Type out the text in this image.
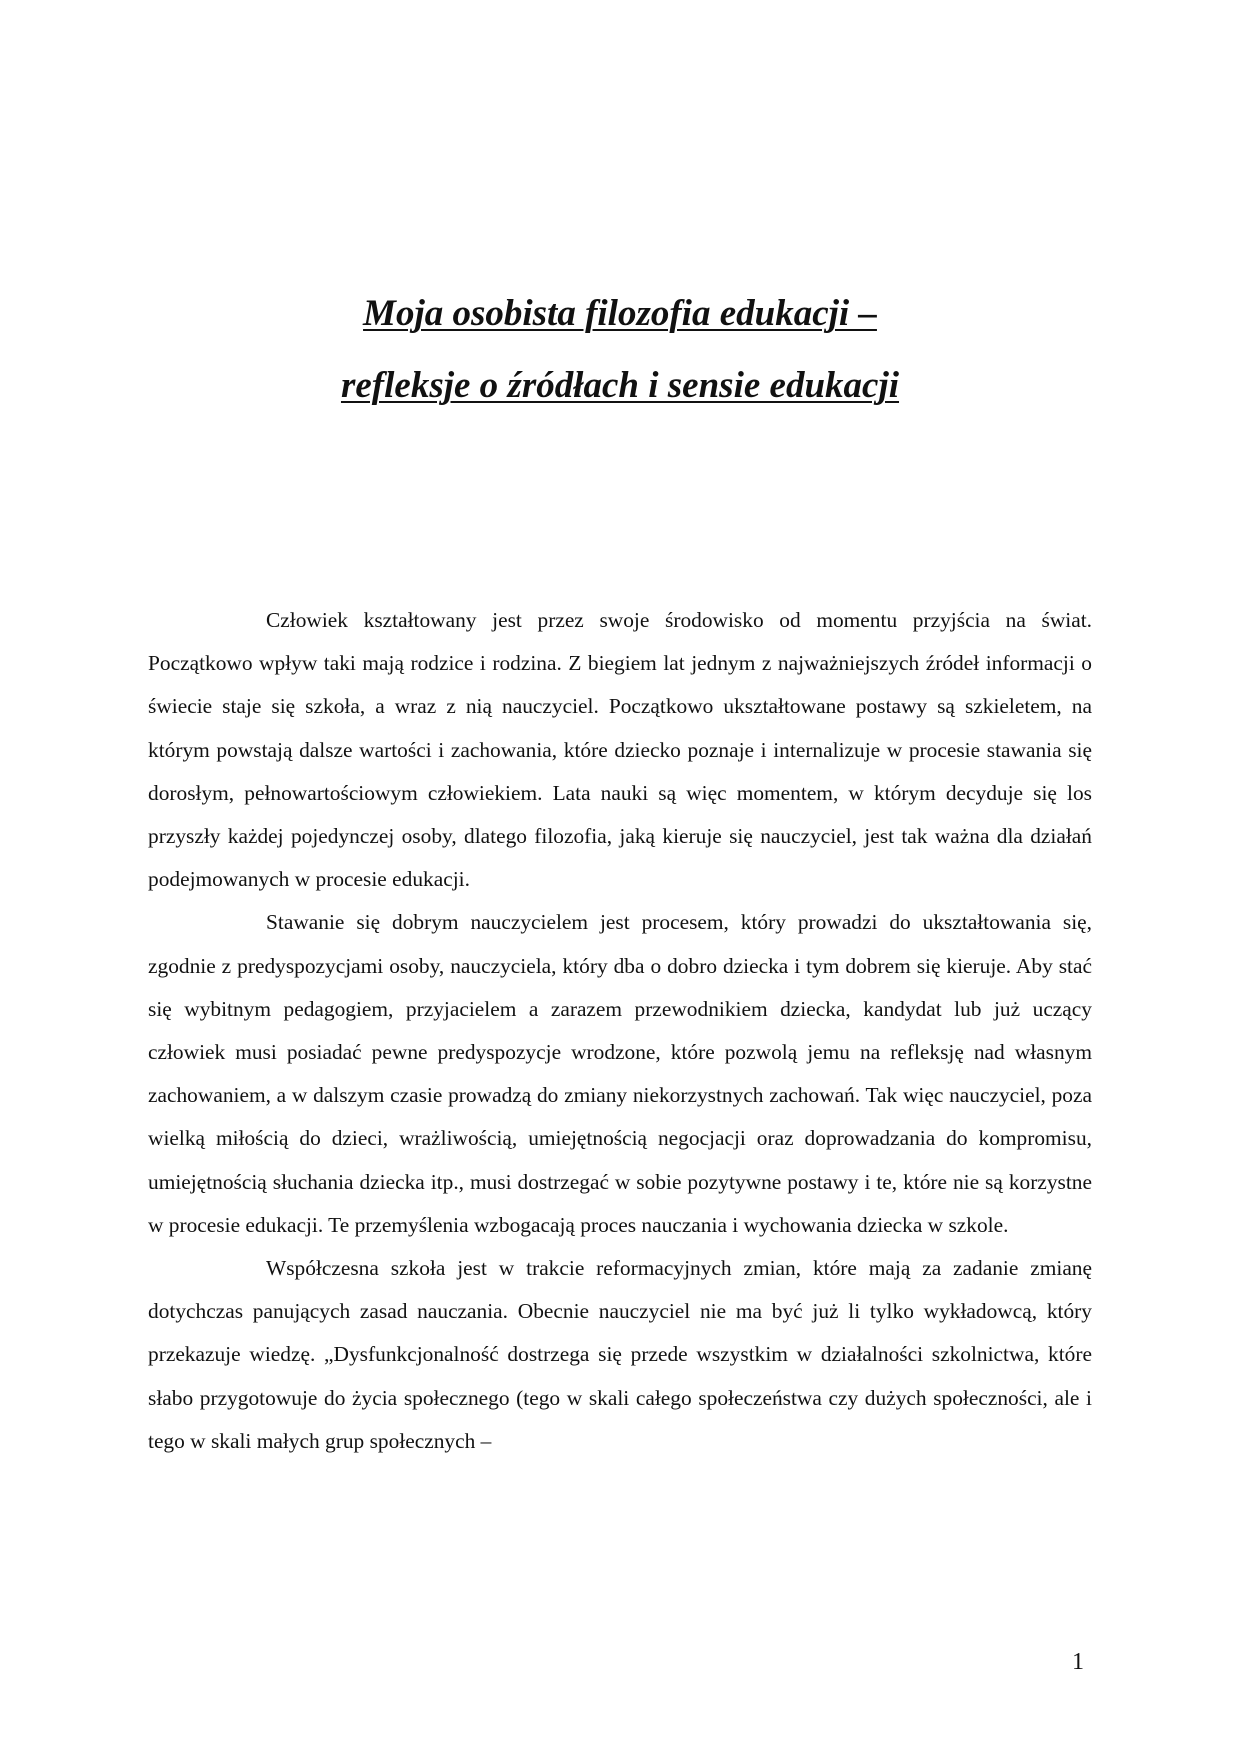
Moja osobista filozofia edukacji –
refleksje o źródłach i sensie edukacji

Człowiek kształtowany jest przez swoje środowisko od momentu przyjścia na świat. Początkowo wpływ taki mają rodzice i rodzina. Z biegiem lat jednym z najważniejszych źródeł informacji o świecie staje się szkoła, a wraz z nią nauczyciel. Początkowo ukształtowane postawy są szkieletem, na którym powstają dalsze wartości i zachowania, które dziecko poznaje i internalizuje w procesie stawania się dorosłym, pełnowartościowym człowiekiem. Lata nauki są więc momentem, w którym decyduje się los przyszły każdej pojedynczej osoby, dlatego filozofia, jaką kieruje się nauczyciel, jest tak ważna dla działań podejmowanych w procesie edukacji.

Stawanie się dobrym nauczycielem jest procesem, który prowadzi do ukształtowania się, zgodnie z predyspozycjami osoby, nauczyciela, który dba o dobro dziecka i tym dobrem się kieruje. Aby stać się wybitnym pedagogiem, przyjacielem a zarazem przewodnikiem dziecka, kandydat lub już uczący człowiek musi posiadać pewne predyspozycje wrodzone, które pozwolą jemu na refleksję nad własnym zachowaniem, a w dalszym czasie prowadzą do zmiany niekorzystnych zachowań. Tak więc nauczyciel, poza wielką miłością do dzieci, wrażliwością, umiejętnością negocjacji oraz doprowadzania do kompromisu, umiejętnością słuchania dziecka itp., musi dostrzegać w sobie pozytywne postawy i te, które nie są korzystne w procesie edukacji. Te przemyślenia wzbogacają proces nauczania i wychowania dziecka w szkole.

Współczesna szkoła jest w trakcie reformacyjnych zmian, które mają za zadanie zmianę dotychczas panujących zasad nauczania. Obecnie nauczyciel nie ma być już li tylko wykładowcą, który przekazuje wiedzę. „Dysfunkcjonalność dostrzega się przede wszystkim w działalności szkolnictwa, które słabo przygotowuje do życia społecznego (tego w skali całego społeczeństwa czy dużych społeczności, ale i tego w skali małych grup społecznych –

1
